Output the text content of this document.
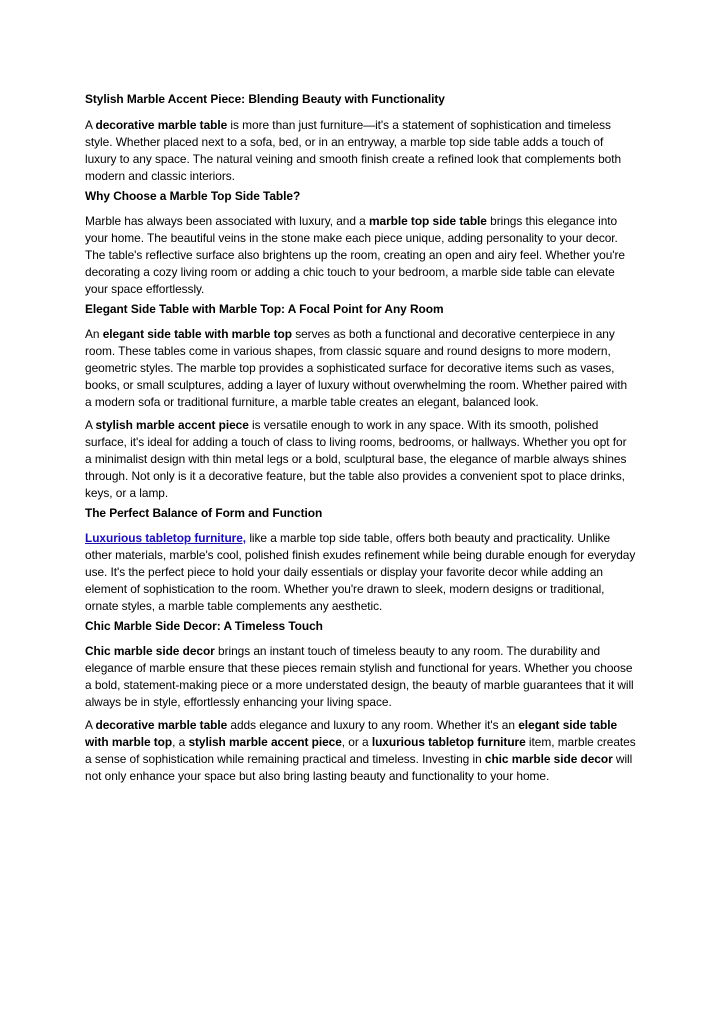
Stylish Marble Accent Piece: Blending Beauty with Functionality

A decorative marble table is more than just furniture—it's a statement of sophistication and timeless style. Whether placed next to a sofa, bed, or in an entryway, a marble top side table adds a touch of luxury to any space. The natural veining and smooth finish create a refined look that complements both modern and classic interiors.

Why Choose a Marble Top Side Table?

Marble has always been associated with luxury, and a marble top side table brings this elegance into your home. The beautiful veins in the stone make each piece unique, adding personality to your decor. The table's reflective surface also brightens up the room, creating an open and airy feel. Whether you're decorating a cozy living room or adding a chic touch to your bedroom, a marble side table can elevate your space effortlessly.

Elegant Side Table with Marble Top: A Focal Point for Any Room

An elegant side table with marble top serves as both a functional and decorative centerpiece in any room. These tables come in various shapes, from classic square and round designs to more modern, geometric styles. The marble top provides a sophisticated surface for decorative items such as vases, books, or small sculptures, adding a layer of luxury without overwhelming the room. Whether paired with a modern sofa or traditional furniture, a marble table creates an elegant, balanced look.

A stylish marble accent piece is versatile enough to work in any space. With its smooth, polished surface, it's ideal for adding a touch of class to living rooms, bedrooms, or hallways. Whether you opt for a minimalist design with thin metal legs or a bold, sculptural base, the elegance of marble always shines through. Not only is it a decorative feature, but the table also provides a convenient spot to place drinks, keys, or a lamp.

The Perfect Balance of Form and Function

Luxurious tabletop furniture, like a marble top side table, offers both beauty and practicality. Unlike other materials, marble's cool, polished finish exudes refinement while being durable enough for everyday use. It's the perfect piece to hold your daily essentials or display your favorite decor while adding an element of sophistication to the room. Whether you're drawn to sleek, modern designs or traditional, ornate styles, a marble table complements any aesthetic.

Chic Marble Side Decor: A Timeless Touch

Chic marble side decor brings an instant touch of timeless beauty to any room. The durability and elegance of marble ensure that these pieces remain stylish and functional for years. Whether you choose a bold, statement-making piece or a more understated design, the beauty of marble guarantees that it will always be in style, effortlessly enhancing your living space.

A decorative marble table adds elegance and luxury to any room. Whether it's an elegant side table with marble top, a stylish marble accent piece, or a luxurious tabletop furniture item, marble creates a sense of sophistication while remaining practical and timeless. Investing in chic marble side decor will not only enhance your space but also bring lasting beauty and functionality to your home.
